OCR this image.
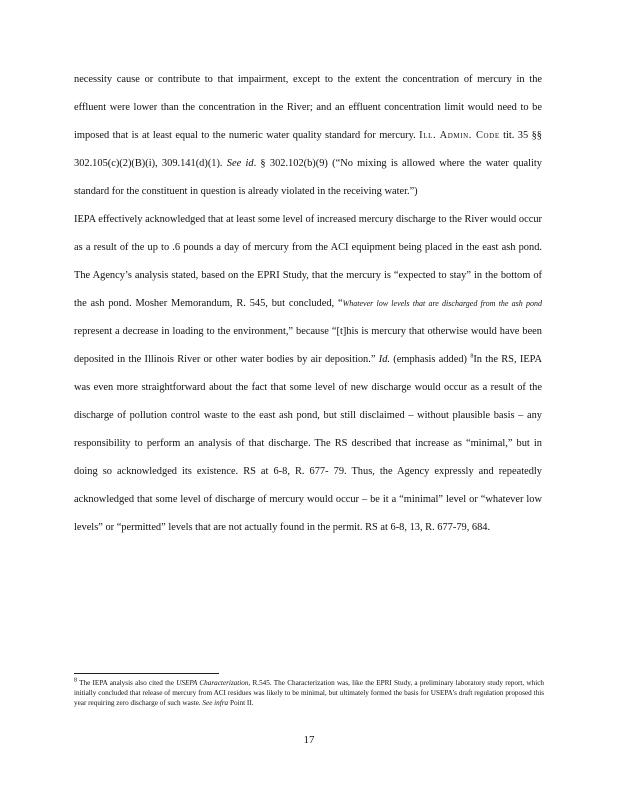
necessity cause or contribute to that impairment, except to the extent the concentration of mercury in the effluent were lower than the concentration in the River; and an effluent concentration limit would need to be imposed that is at least equal to the numeric water quality standard for mercury. Ill. Admin. Code tit. 35 §§ 302.105(c)(2)(B)(i), 309.141(d)(1). See id. § 302.102(b)(9) (“No mixing is allowed where the water quality standard for the constituent in question is already violated in the receiving water.”)

IEPA effectively acknowledged that at least some level of increased mercury discharge to the River would occur as a result of the up to .6 pounds a day of mercury from the ACI equipment being placed in the east ash pond. The Agency’s analysis stated, based on the EPRI Study, that the mercury is “expected to stay” in the bottom of the ash pond. Mosher Memorandum, R. 545, but concluded, “Whatever low levels that are discharged from the ash pond represent a decrease in loading to the environment,” because “[t]his is mercury that otherwise would have been deposited in the Illinois River or other water bodies by air deposition.” Id. (emphasis added) $^8$In the RS, IEPA was even more straightforward about the fact that some level of new discharge would occur as a result of the discharge of pollution control waste to the east ash pond, but still disclaimed – without plausible basis – any responsibility to perform an analysis of that discharge. The RS described that increase as “minimal,” but in doing so acknowledged its existence. RS at 6-8, R. 677- 79. Thus, the Agency expressly and repeatedly acknowledged that some level of discharge of mercury would occur – be it a “minimal” level or “whatever low levels” or “permitted” levels that are not actually found in the permit. RS at 6-8, 13, R. 677-79, 684.

$^8$ The IEPA analysis also cited the USEPA Characterization, R.545. The Characterization was, like the EPRI Study, a preliminary laboratory study report, which initially concluded that release of mercury from ACI residues was likely to be minimal, but ultimately formed the basis for USEPA’s draft regulation proposed this year requiring zero discharge of such waste. See infra Point II.

17
